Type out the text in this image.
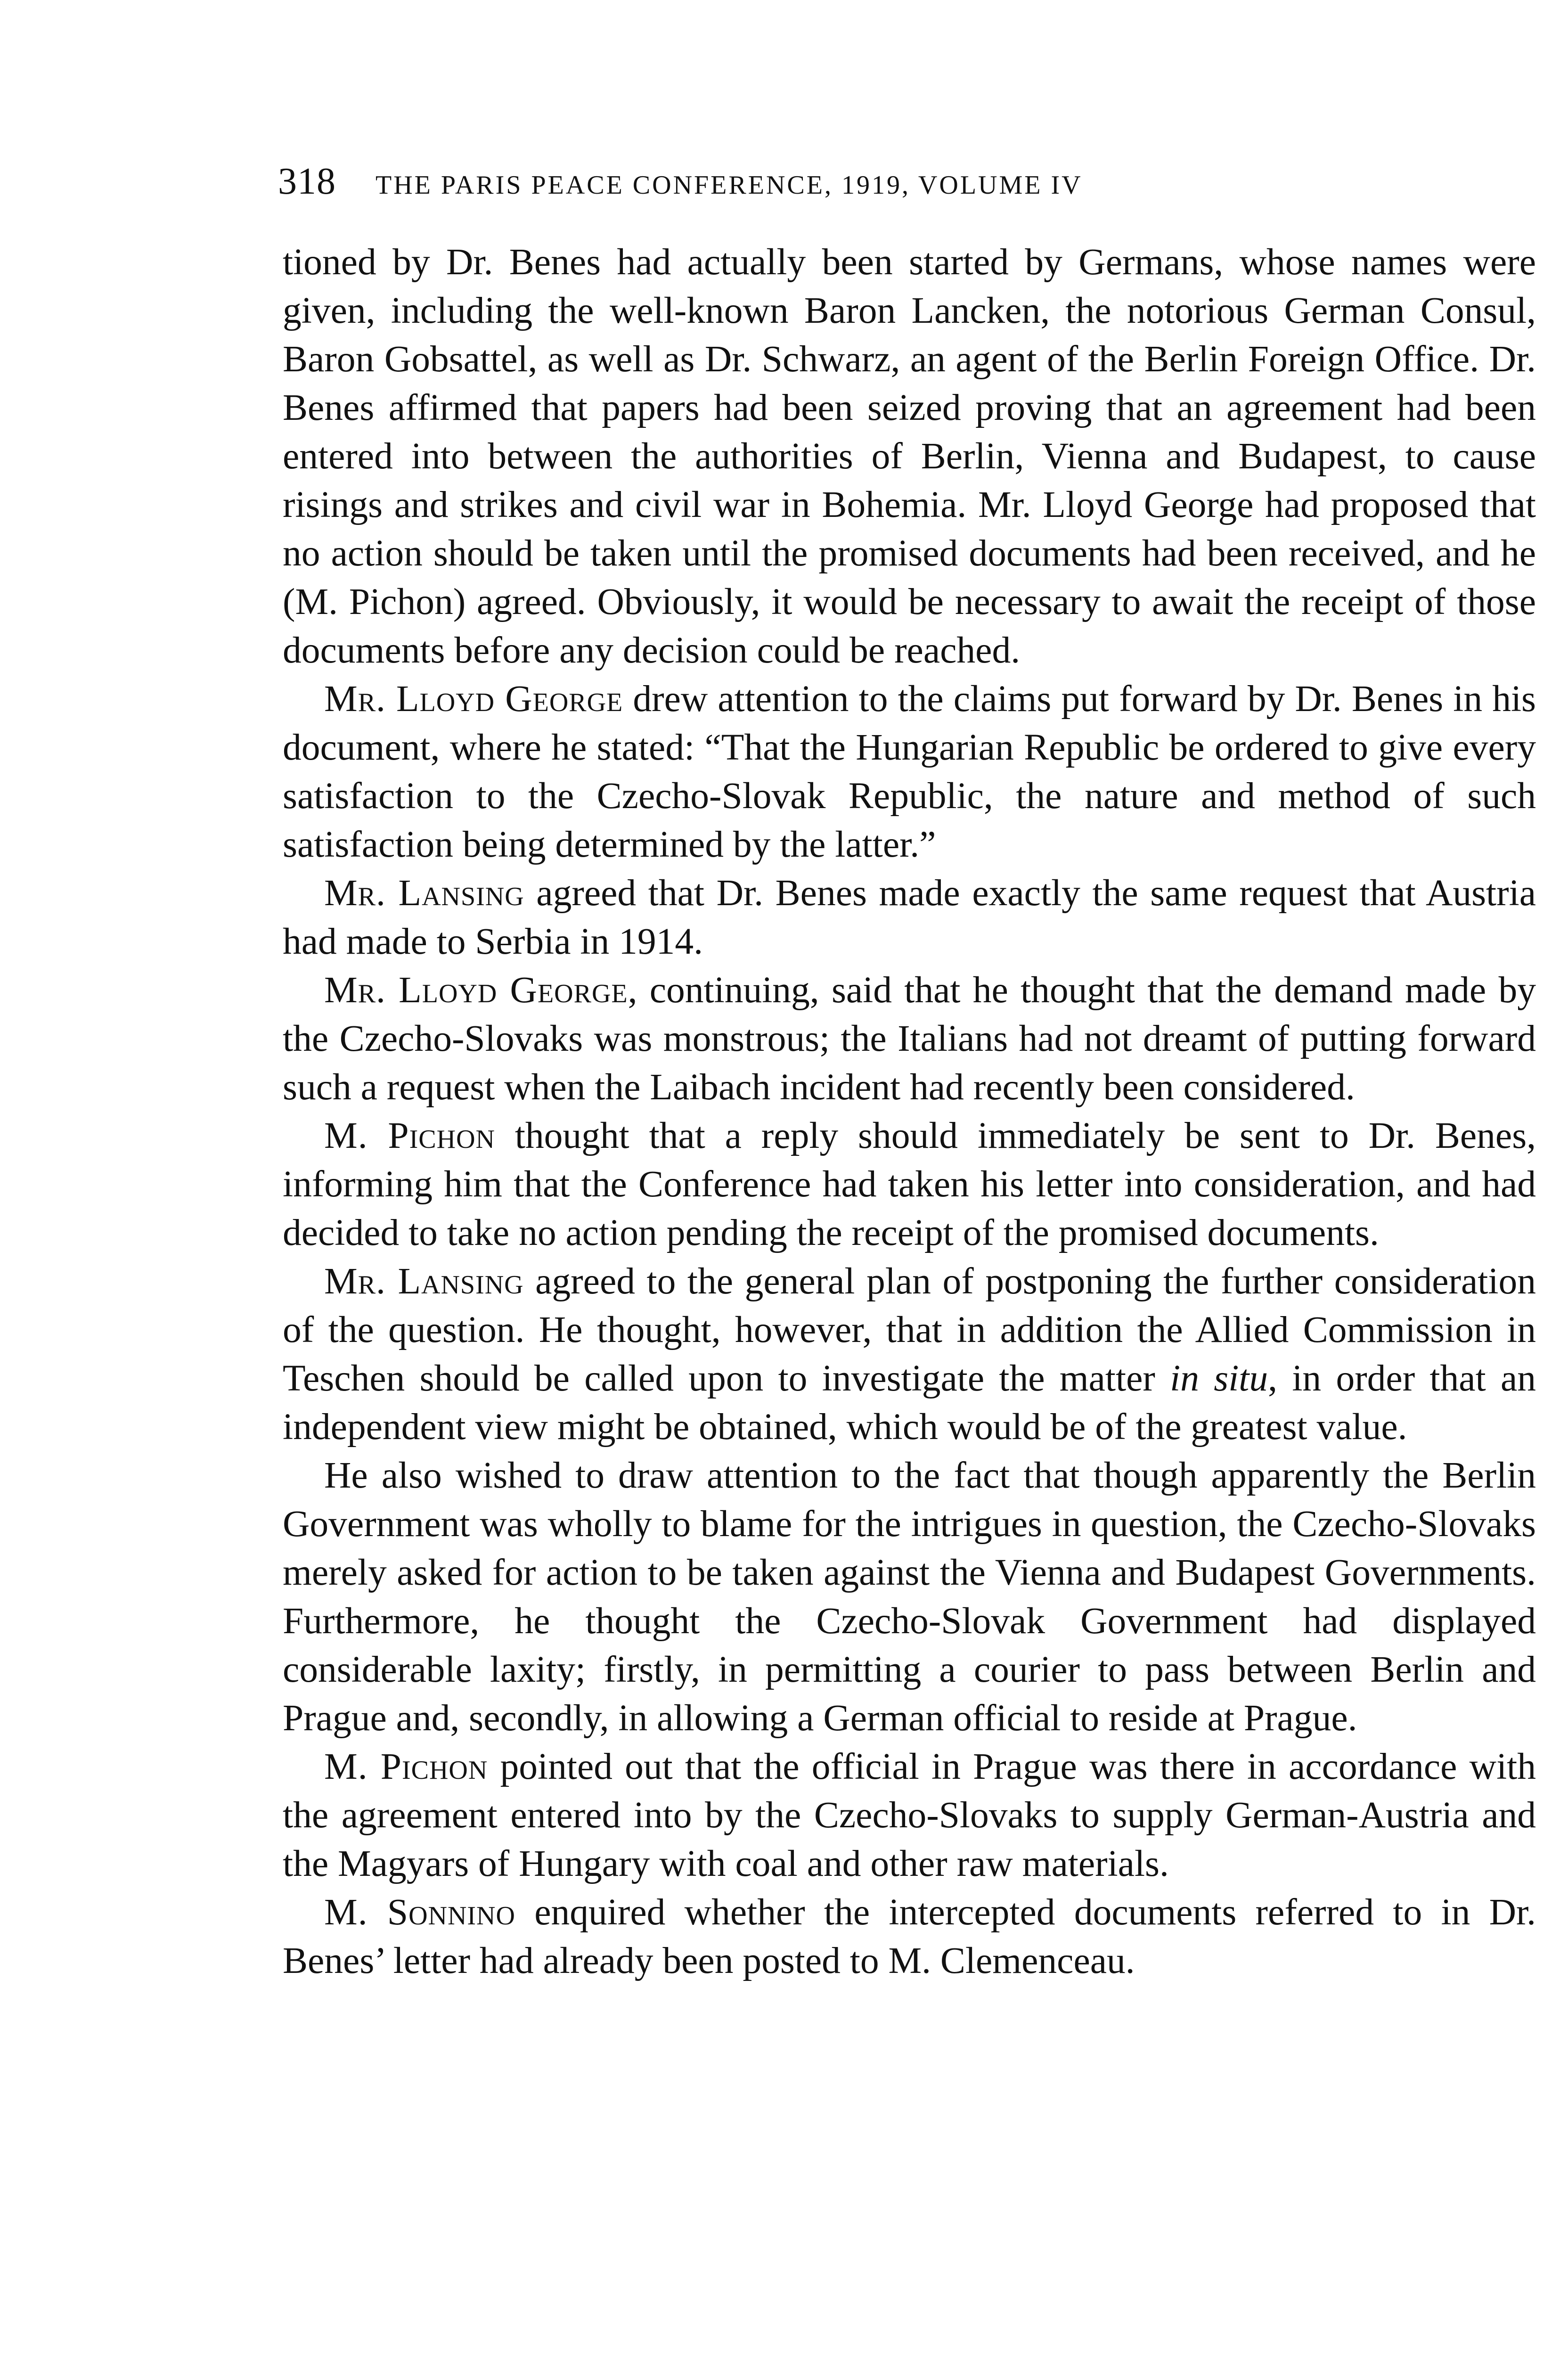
318 THE PARIS PEACE CONFERENCE, 1919, VOLUME IV

tioned by Dr. Benes had actually been started by Germans, whose names were given, including the well-known Baron Lancken, the notorious German Consul, Baron Gobsattel, as well as Dr. Schwarz, an agent of the Berlin Foreign Office. Dr. Benes affirmed that papers had been seized proving that an agreement had been entered into between the authorities of Berlin, Vienna and Budapest, to cause risings and strikes and civil war in Bohemia. Mr. Lloyd George had proposed that no action should be taken until the promised documents had been received, and he (M. Pichon) agreed. Obviously, it would be necessary to await the receipt of those documents before any decision could be reached.

Mr. Lloyd George drew attention to the claims put forward by Dr. Benes in his document, where he stated: “That the Hungarian Republic be ordered to give every satisfaction to the Czecho-Slovak Republic, the nature and method of such satisfaction being determined by the latter.”

Mr. Lansing agreed that Dr. Benes made exactly the same request that Austria had made to Serbia in 1914.

Mr. Lloyd George, continuing, said that he thought that the demand made by the Czecho-Slovaks was monstrous; the Italians had not dreamt of putting forward such a request when the Laibach incident had recently been considered.

M. Pichon thought that a reply should immediately be sent to Dr. Benes, informing him that the Conference had taken his letter into consideration, and had decided to take no action pending the receipt of the promised documents.

Mr. Lansing agreed to the general plan of postponing the further consideration of the question. He thought, however, that in addition the Allied Commission in Teschen should be called upon to investigate the matter in situ, in order that an independent view might be obtained, which would be of the greatest value.

He also wished to draw attention to the fact that though apparently the Berlin Government was wholly to blame for the intrigues in question, the Czecho-Slovaks merely asked for action to be taken against the Vienna and Budapest Governments. Furthermore, he thought the Czecho-Slovak Government had displayed considerable laxity; firstly, in permitting a courier to pass between Berlin and Prague and, secondly, in allowing a German official to reside at Prague.

M. Pichon pointed out that the official in Prague was there in accordance with the agreement entered into by the Czecho-Slovaks to supply German-Austria and the Magyars of Hungary with coal and other raw materials.

M. Sonnino enquired whether the intercepted documents referred to in Dr. Benes’ letter had already been posted to M. Clemenceau.
